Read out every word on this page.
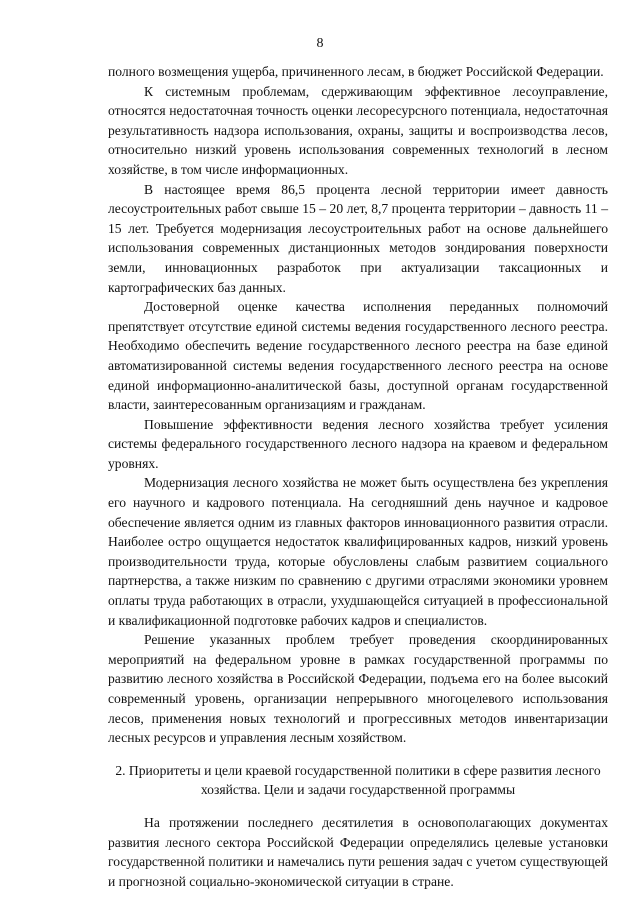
8

полного возмещения ущерба, причиненного лесам, в бюджет Российской Федерации.

К системным проблемам, сдерживающим эффективное лесоуправление, относятся недостаточная точность оценки лесоресурсного потенциала, недостаточная результативность надзора использования, охраны, защиты и воспроизводства лесов, относительно низкий уровень использования современных технологий в лесном хозяйстве, в том числе информационных.

В настоящее время 86,5 процента лесной территории имеет давность лесоустроительных работ свыше 15 – 20 лет, 8,7 процента территории – давность 11 – 15 лет. Требуется модернизация лесоустроительных работ на основе дальнейшего использования современных дистанционных методов зондирования поверхности земли, инновационных разработок при актуализации таксационных и картографических баз данных.

Достоверной оценке качества исполнения переданных полномочий препятствует отсутствие единой системы ведения государственного лесного реестра. Необходимо обеспечить ведение государственного лесного реестра на базе единой автоматизированной системы ведения государственного лесного реестра на основе единой информационно-аналитической базы, доступной органам государственной власти, заинтересованным организациям и гражданам.

Повышение эффективности ведения лесного хозяйства требует усиления системы федерального государственного лесного надзора на краевом и федеральном уровнях.

Модернизация лесного хозяйства не может быть осуществлена без укрепления его научного и кадрового потенциала. На сегодняшний день научное и кадровое обеспечение является одним из главных факторов инновационного развития отрасли. Наиболее остро ощущается недостаток квалифицированных кадров, низкий уровень производительности труда, которые обусловлены слабым развитием социального партнерства, а также низким по сравнению с другими отраслями экономики уровнем оплаты труда работающих в отрасли, ухудшающейся ситуацией в профессиональной и квалификационной подготовке рабочих кадров и специалистов.

Решение указанных проблем требует проведения скоординированных мероприятий на федеральном уровне в рамках государственной программы по развитию лесного хозяйства в Российской Федерации, подъема его на более высокий современный уровень, организации непрерывного многоцелевого использования лесов, применения новых технологий и прогрессивных методов инвентаризации лесных ресурсов и управления лесным хозяйством.

2. Приоритеты и цели краевой государственной политики в сфере развития лесного хозяйства. Цели и задачи государственной программы

На протяжении последнего десятилетия в основополагающих документах развития лесного сектора Российской Федерации определялись целевые установки государственной политики и намечались пути решения задач с учетом существующей и прогнозной социально-экономической ситуации в стране.
